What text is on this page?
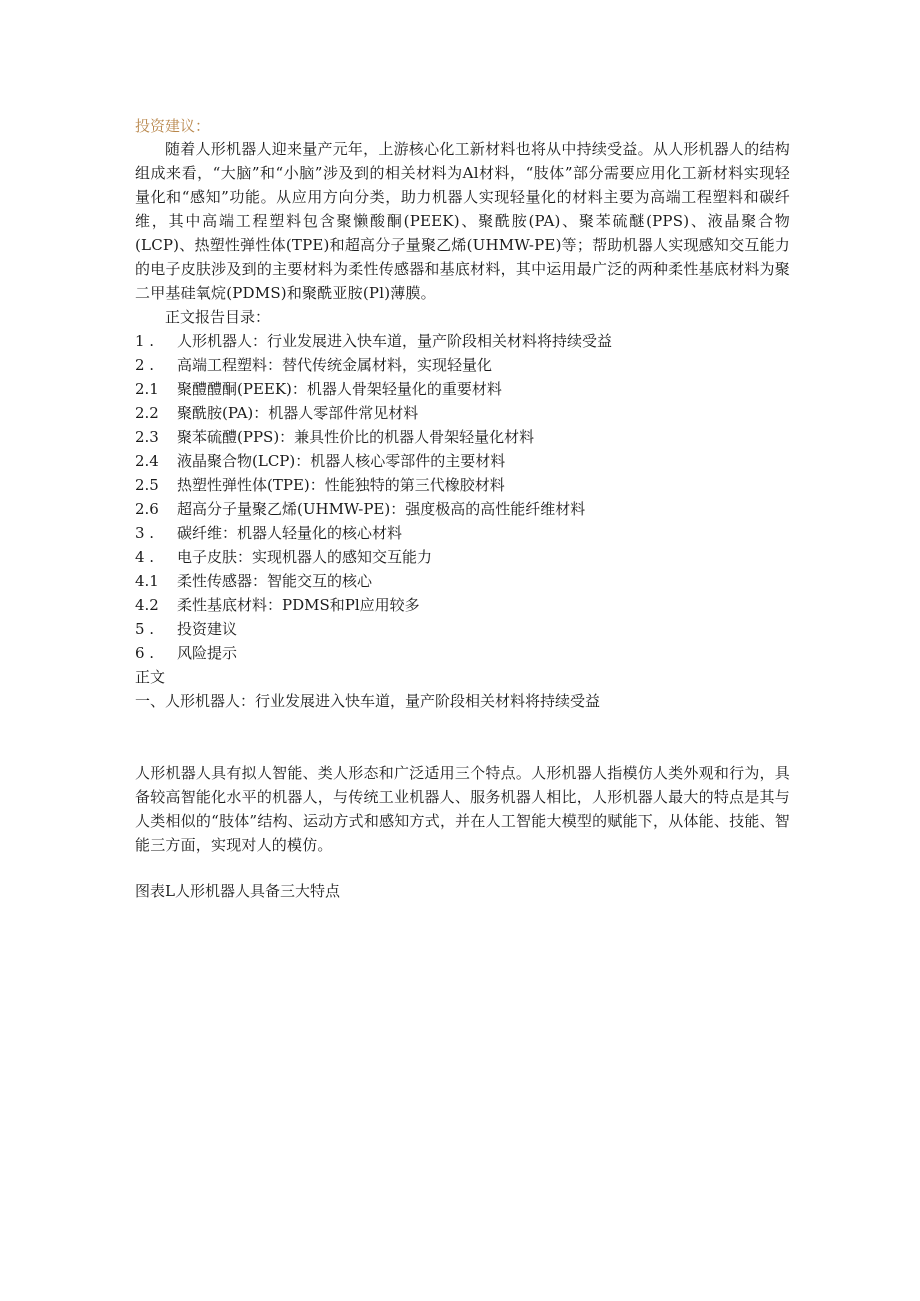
投资建议：

随着人形机器人迎来量产元年，上游核心化工新材料也将从中持续受益。从人形机器人的结构组成来看，“大脑”和“小脑”涉及到的相关材料为Al材料，“肢体”部分需要应用化工新材料实现轻量化和“感知”功能。从应用方向分类，助力机器人实现轻量化的材料主要为高端工程塑料和碳纤维，其中高端工程塑料包含聚懒酸酮(PEEK)、聚酰胺(PA)、聚苯硫醚(PPS)、液晶聚合物(LCP)、热塑性弹性体(TPE)和超高分子量聚乙烯(UHMW-PE)等；帮助机器人实现感知交互能力的电子皮肤涉及到的主要材料为柔性传感器和基底材料，其中运用最广泛的两种柔性基底材料为聚二甲基硅氧烷(PDMS)和聚酰亚胺(Pl)薄膜。

正文报告目录：

1 .	人形机器人：行业发展进入快车道，量产阶段相关材料将持续受益
2 .	高端工程塑料：替代传统金属材料，实现轻量化
2.1	聚醴醴酮(PEEK)：机器人骨架轻量化的重要材料
2.2	聚酰胺(PA)：机器人零部件常见材料
2.3	聚苯硫醴(PPS)：兼具性价比的机器人骨架轻量化材料
2.4	液晶聚合物(LCP)：机器人核心零部件的主要材料
2.5	热塑性弹性体(TPE)：性能独特的第三代橡胶材料
2.6	超高分子量聚乙烯(UHMW-PE)：强度极高的高性能纤维材料
3 .	碳纤维：机器人轻量化的核心材料
4 .	电子皮肤：实现机器人的感知交互能力
4.1	柔性传感器：智能交互的核心
4.2	柔性基底材料：PDMS和Pl应用较多
5 .	投资建议
6 .	风险提示

正文

一、人形机器人：行业发展进入快车道，量产阶段相关材料将持续受益

人形机器人具有拟人智能、类人形态和广泛适用三个特点。人形机器人指模仿人类外观和行为，具备较高智能化水平的机器人，与传统工业机器人、服务机器人相比，人形机器人最大的特点是其与人类相似的“肢体”结构、运动方式和感知方式，并在人工智能大模型的赋能下，从体能、技能、智能三方面，实现对人的模仿。

图表L人形机器人具备三大特点
